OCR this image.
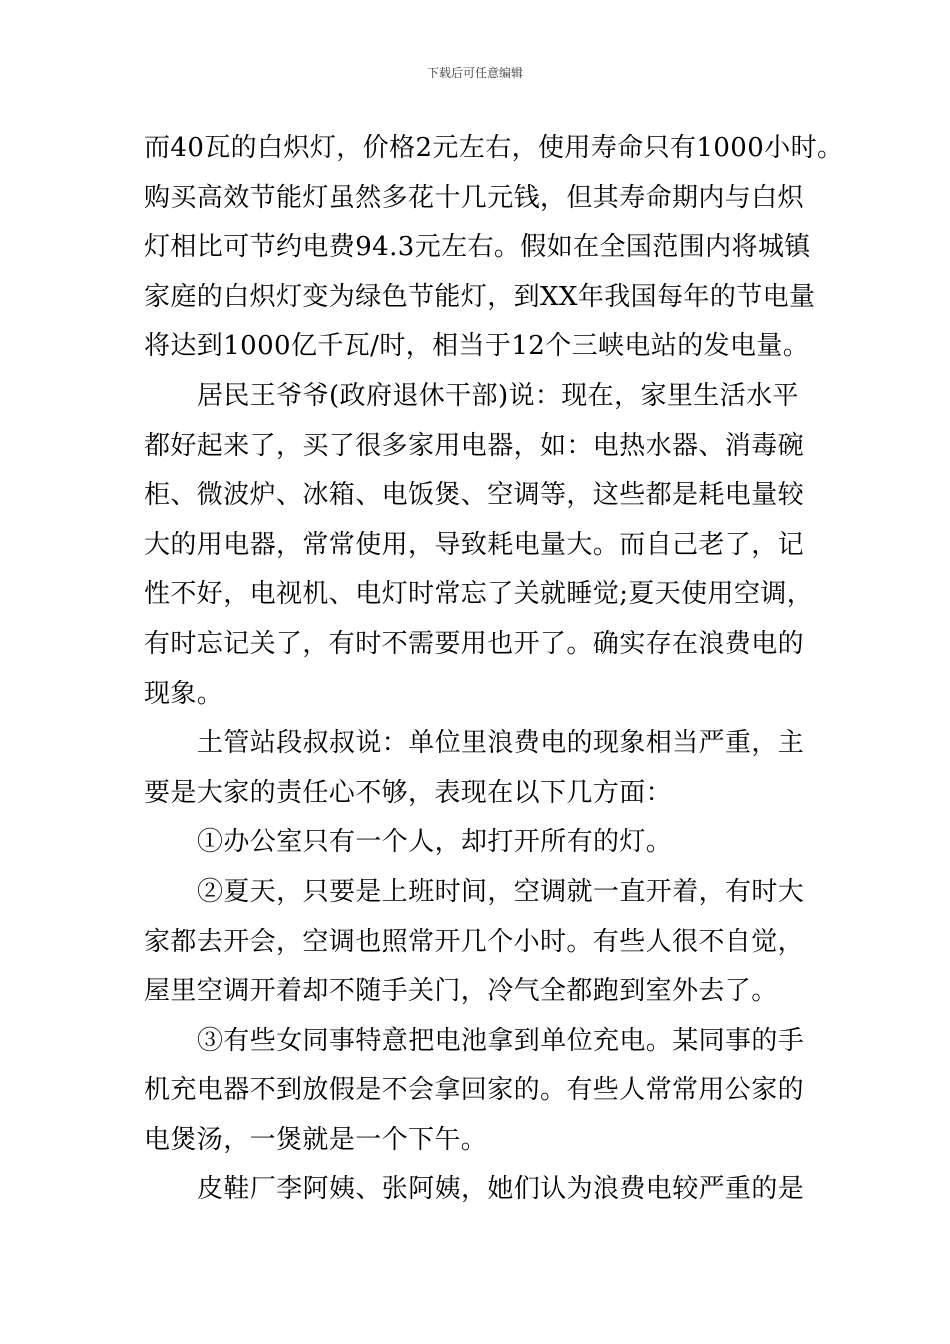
下载后可任意编辑
而40瓦的白炽灯，价格2元左右，使用寿命只有1000小时。
购买高效节能灯虽然多花十几元钱，但其寿命期内与白炽
灯相比可节约电费94.3元左右。假如在全国范围内将城镇
家庭的白炽灯变为绿色节能灯，到XX年我国每年的节电量
将达到1000亿千瓦/时，相当于12个三峡电站的发电量。
居民王爷爷(政府退休干部)说：现在，家里生活水平
都好起来了，买了很多家用电器，如：电热水器、消毒碗
柜、微波炉、冰箱、电饭煲、空调等，这些都是耗电量较
大的用电器，常常使用，导致耗电量大。而自己老了，记
性不好，电视机、电灯时常忘了关就睡觉;夏天使用空调，
有时忘记关了，有时不需要用也开了。确实存在浪费电的
现象。
土管站段叔叔说：单位里浪费电的现象相当严重，主
要是大家的责任心不够，表现在以下几方面：
①办公室只有一个人，却打开所有的灯。
②夏天，只要是上班时间，空调就一直开着，有时大
家都去开会，空调也照常开几个小时。有些人很不自觉，
屋里空调开着却不随手关门，冷气全都跑到室外去了。
③有些女同事特意把电池拿到单位充电。某同事的手
机充电器不到放假是不会拿回家的。有些人常常用公家的
电煲汤，一煲就是一个下午。
皮鞋厂李阿姨、张阿姨，她们认为浪费电较严重的是
